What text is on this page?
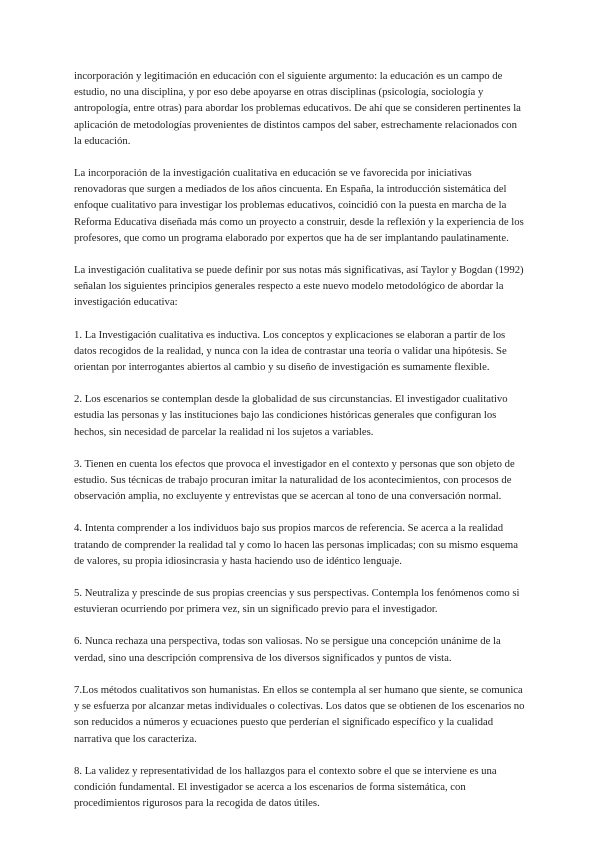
incorporación y legitimación en educación con el siguiente argumento: la educación es un campo de estudio, no una disciplina, y por eso debe apoyarse en otras disciplinas (psicología, sociología y antropología, entre otras) para abordar los problemas educativos. De ahí que se consideren pertinentes la aplicación de metodologías provenientes de distintos campos del saber, estrechamente relacionados con la educación.

La incorporación de la investigación cualitativa en educación se ve favorecida por iniciativas renovadoras que surgen a mediados de los años cincuenta. En España, la introducción sistemática del enfoque cualitativo para investigar los problemas educativos, coincidió con la puesta en marcha de la Reforma Educativa diseñada más como un proyecto a construir, desde la reflexión y la experiencia de los profesores, que como un programa elaborado por expertos que ha de ser implantando paulatinamente.

La investigación cualitativa se puede definir por sus notas más significativas, así Taylor y Bogdan (1992) señalan los siguientes principios generales respecto a este nuevo modelo metodológico de abordar la investigación educativa:

1. La Investigación cualitativa es inductiva. Los conceptos y explicaciones se elaboran a partir de los datos recogidos de la realidad, y nunca con la idea de contrastar una teoría o validar una hipótesis. Se orientan por interrogantes abiertos al cambio y su diseño de investigación es sumamente flexible.

2. Los escenarios se contemplan desde la globalidad de sus circunstancias. El investigador cualitativo estudia las personas y las instituciones bajo las condiciones históricas generales que configuran los hechos, sin necesidad de parcelar la realidad ni los sujetos a variables.

3. Tienen en cuenta los efectos que provoca el investigador en el contexto y personas que son objeto de estudio. Sus técnicas de trabajo procuran imitar la naturalidad de los acontecimientos, con procesos de observación amplia, no excluyente y entrevistas que se acercan al tono de una conversación normal.

4. Intenta comprender a los individuos bajo sus propios marcos de referencia. Se acerca a la realidad tratando de comprender la realidad tal y como lo hacen las personas implicadas; con su mismo esquema de valores, su propia idiosincrasia y hasta haciendo uso de idéntico lenguaje.

5. Neutraliza y prescinde de sus propias creencias y sus perspectivas. Contempla los fenómenos como si estuvieran ocurriendo por primera vez, sin un significado previo para el investigador.

6. Nunca rechaza una perspectiva, todas son valiosas. No se persigue una concepción unánime de la verdad, sino una descripción comprensiva de los diversos significados y puntos de vista.

7.Los métodos cualitativos son humanistas. En ellos se contempla al ser humano que siente, se comunica y se esfuerza por alcanzar metas individuales o colectivas. Los datos que se obtienen de los escenarios no son reducidos a números y ecuaciones puesto que perderían el significado específico y la cualidad narrativa que los caracteriza.

8. La validez y representatividad de los hallazgos para el contexto sobre el que se interviene es una condición fundamental. El investigador se acerca a los escenarios de forma sistemática, con procedimientos rigurosos para la recogida de datos útiles.
